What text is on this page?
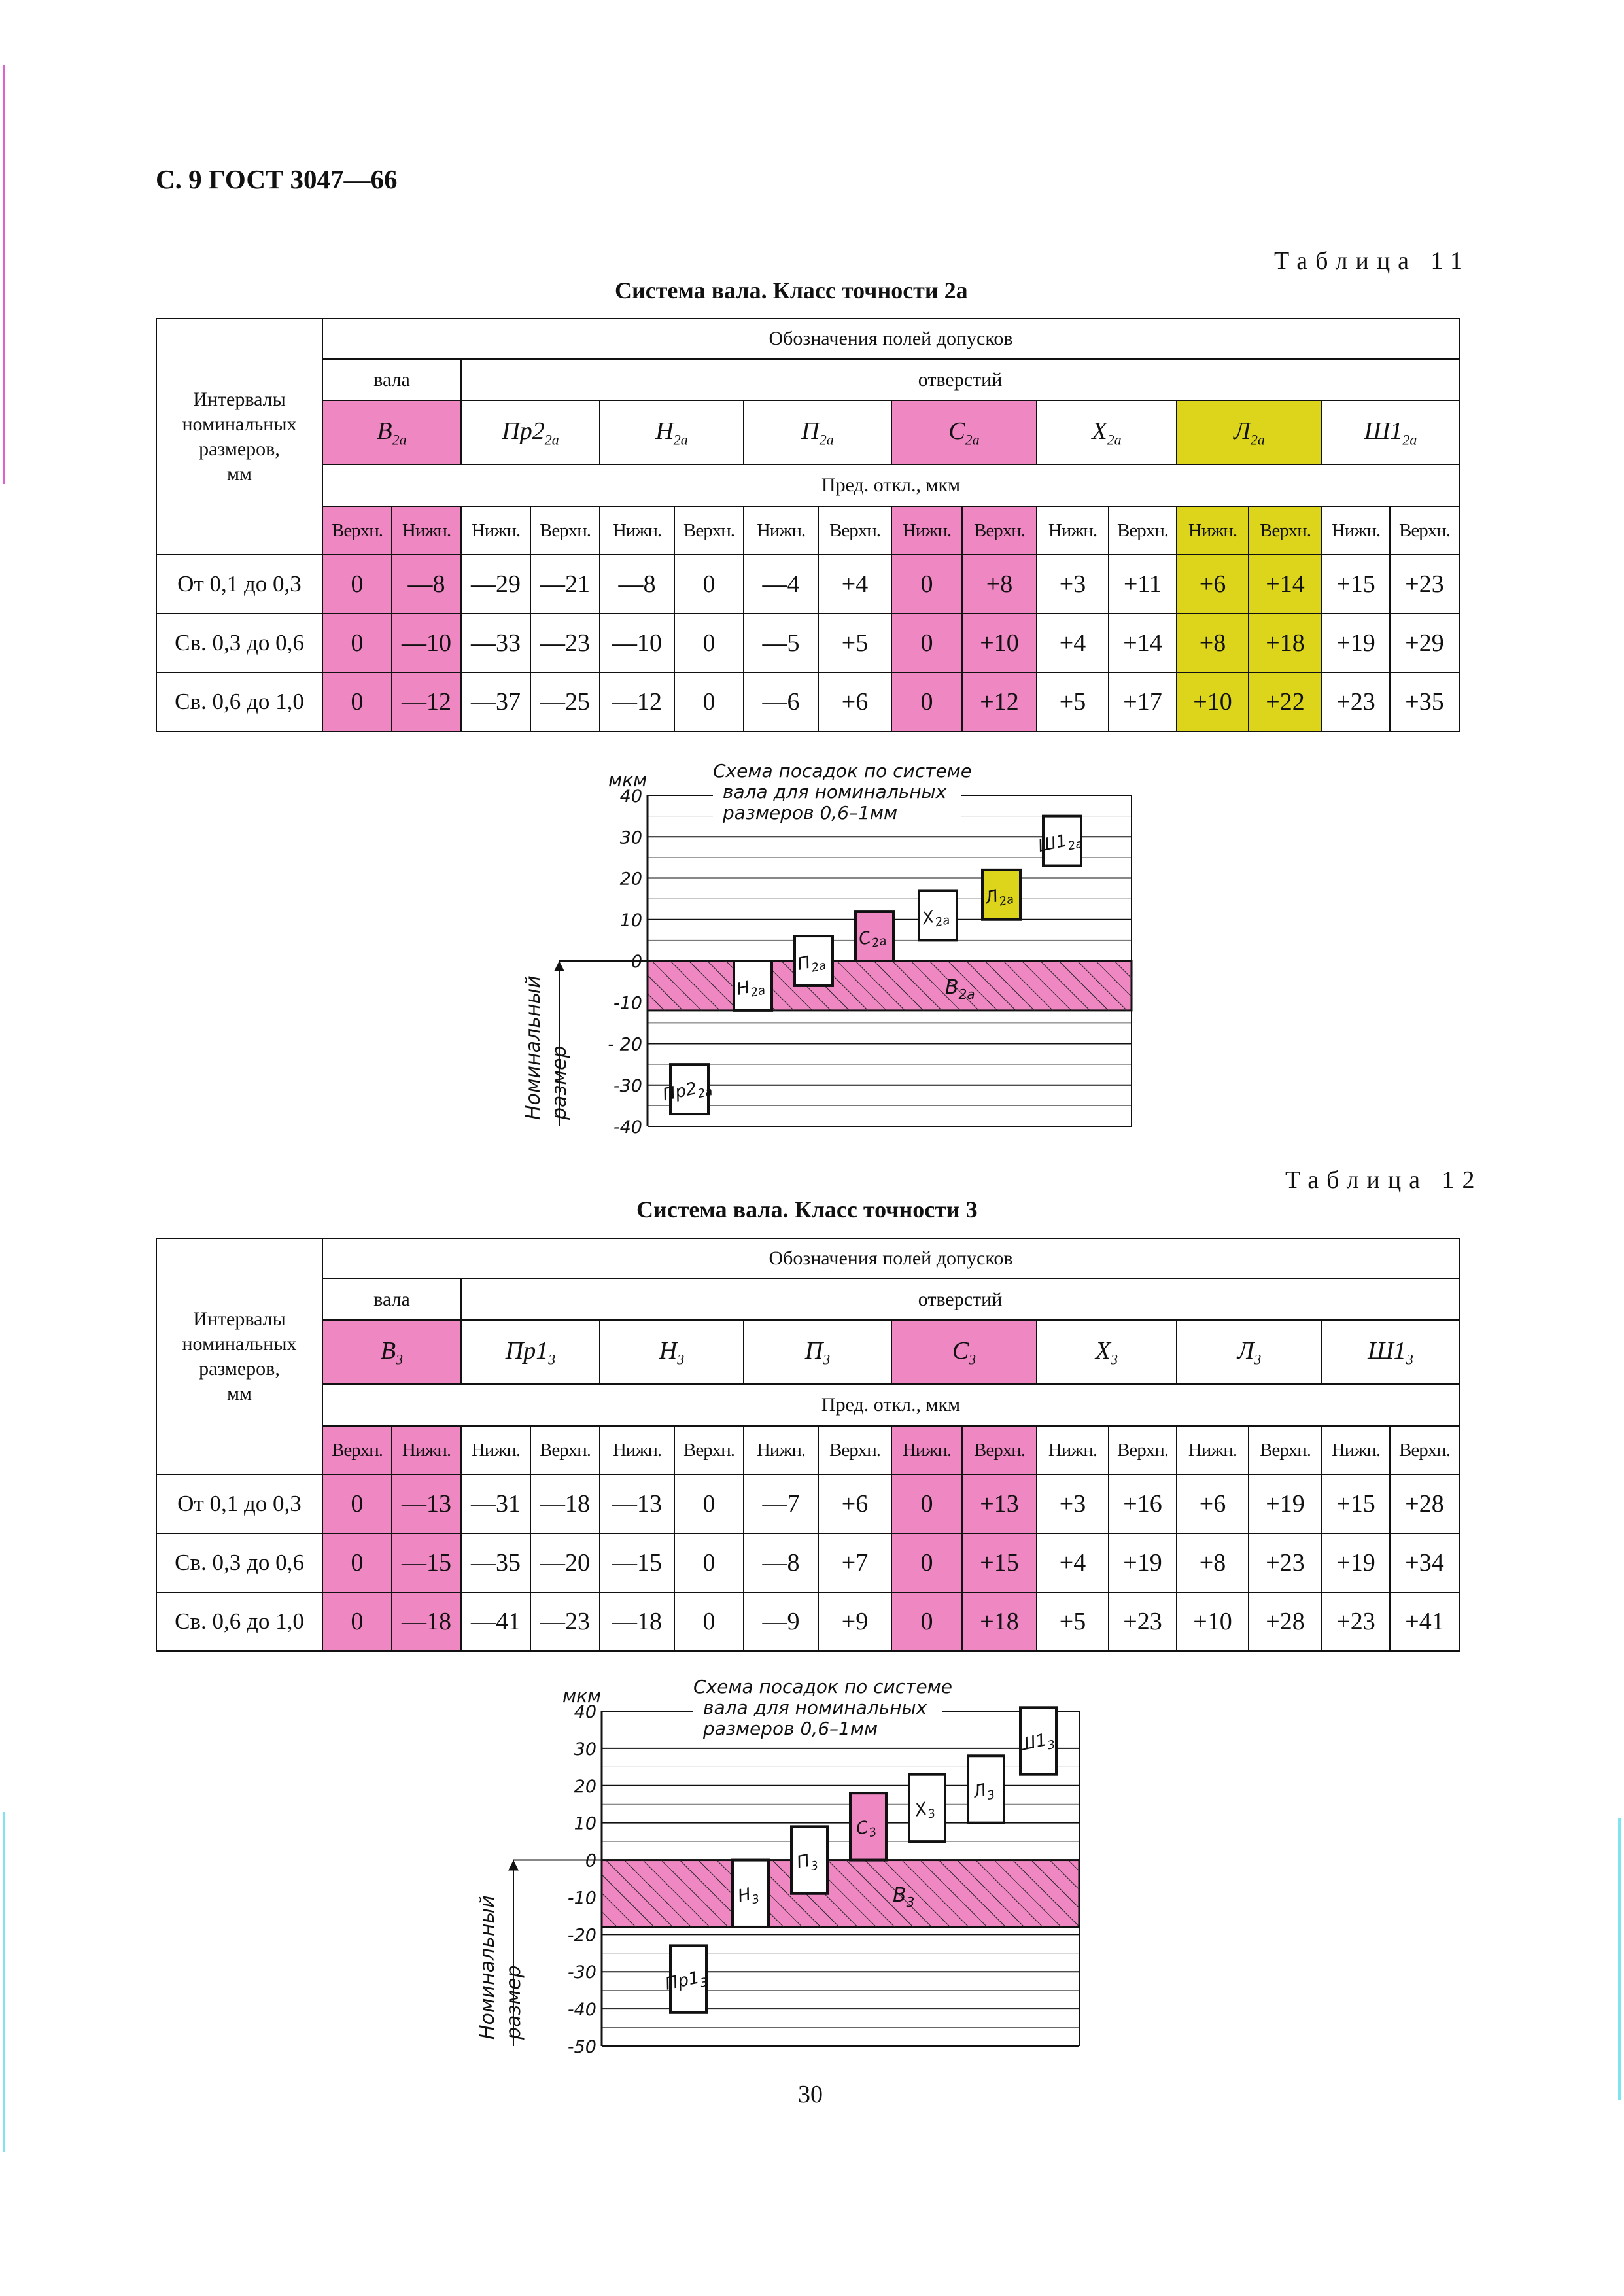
С. 9 ГОСТ 3047—66
Таблица 11
Система вала. Класс точности 2а
Интервалы
номинальных
размеров,
мм	Обозначения полей допусков															
	вала		отверстий													
	$В_{2a}$		$Пр2_{2a}$		$Н_{2a}$		$П_{2a}$		$С_{2a}$		$Х_{2a}$		$Л_{2a}$		$Ш1_{2a}$
	Пред. откл., мкм															
	Верхн.	Нижн.	Нижн.	Верхн.	Нижн.	Верхн.	Нижн.	Верхн.	Нижн.	Верхн.	Нижн.	Верхн.	Нижн.	Верхн.	Нижн.	Верхн.
От 0,1 до 0,3	0	—8	—29	—21	—8	0	—4	+4	0	+8	+3	+11	+6	+14	+15	+23
Св. 0,3 до 0,6	0	—10	—33	—23	—10	0	—5	+5	0	+10	+4	+14	+8	+18	+19	+29
Св. 0,6 до 1,0	0	—12	—37	—25	—12	0	—6	+6	0	+12	+5	+17	+10	+22	+23	+35
мкм
40
30
20
10
0
-10
- 20
-30
-40
Схема посадок по системе
вала для номинальных
размеров 0,6–1мм
Номинальный размер
$B_{2a}$
$Пр2_{2a}$
$H_{2a}$
$П_{2a}$
$C_{2a}$
$X_{2a}$
$Л_{2a}$
$Ш1_{2a}$
Таблица 12
Система вала. Класс точности 3
Интервалы
номинальных
размеров,
мм	Обозначения полей допусков															
	вала		отверстий													
	$В_3$		$Пр1_3$		$Н_3$		$П_3$		$С_3$		$Х_3$		$Л_3$		$Ш1_3$
	Пред. откл., мкм															
	Верхн.	Нижн.	Нижн.	Верхн.	Нижн.	Верхн.	Нижн.	Верхн.	Нижн.	Верхн.	Нижн.	Верхн.	Нижн.	Верхн.	Нижн.	Верхн.
От 0,1 до 0,3	0	—13	—31	—18	—13	0	—7	+6	0	+13	+3	+16	+6	+19	+15	+28
Св. 0,3 до 0,6	0	—15	—35	—20	—15	0	—8	+7	0	+15	+4	+19	+8	+23	+19	+34
Св. 0,6 до 1,0	0	—18	—41	—23	—18	0	—9	+9	0	+18	+5	+23	+10	+28	+23	+41
мкм
40
30
20
10
0
-10
-20
-30
-40
-50
Схема посадок по системе
вала для номинальных
размеров 0,6–1мм
Номинальный размер
$B_3$
$Пр1_3$
$H_3$
$П_3$
$C_3$
$X_3$
$Л_3$
$Ш1_3$
30
